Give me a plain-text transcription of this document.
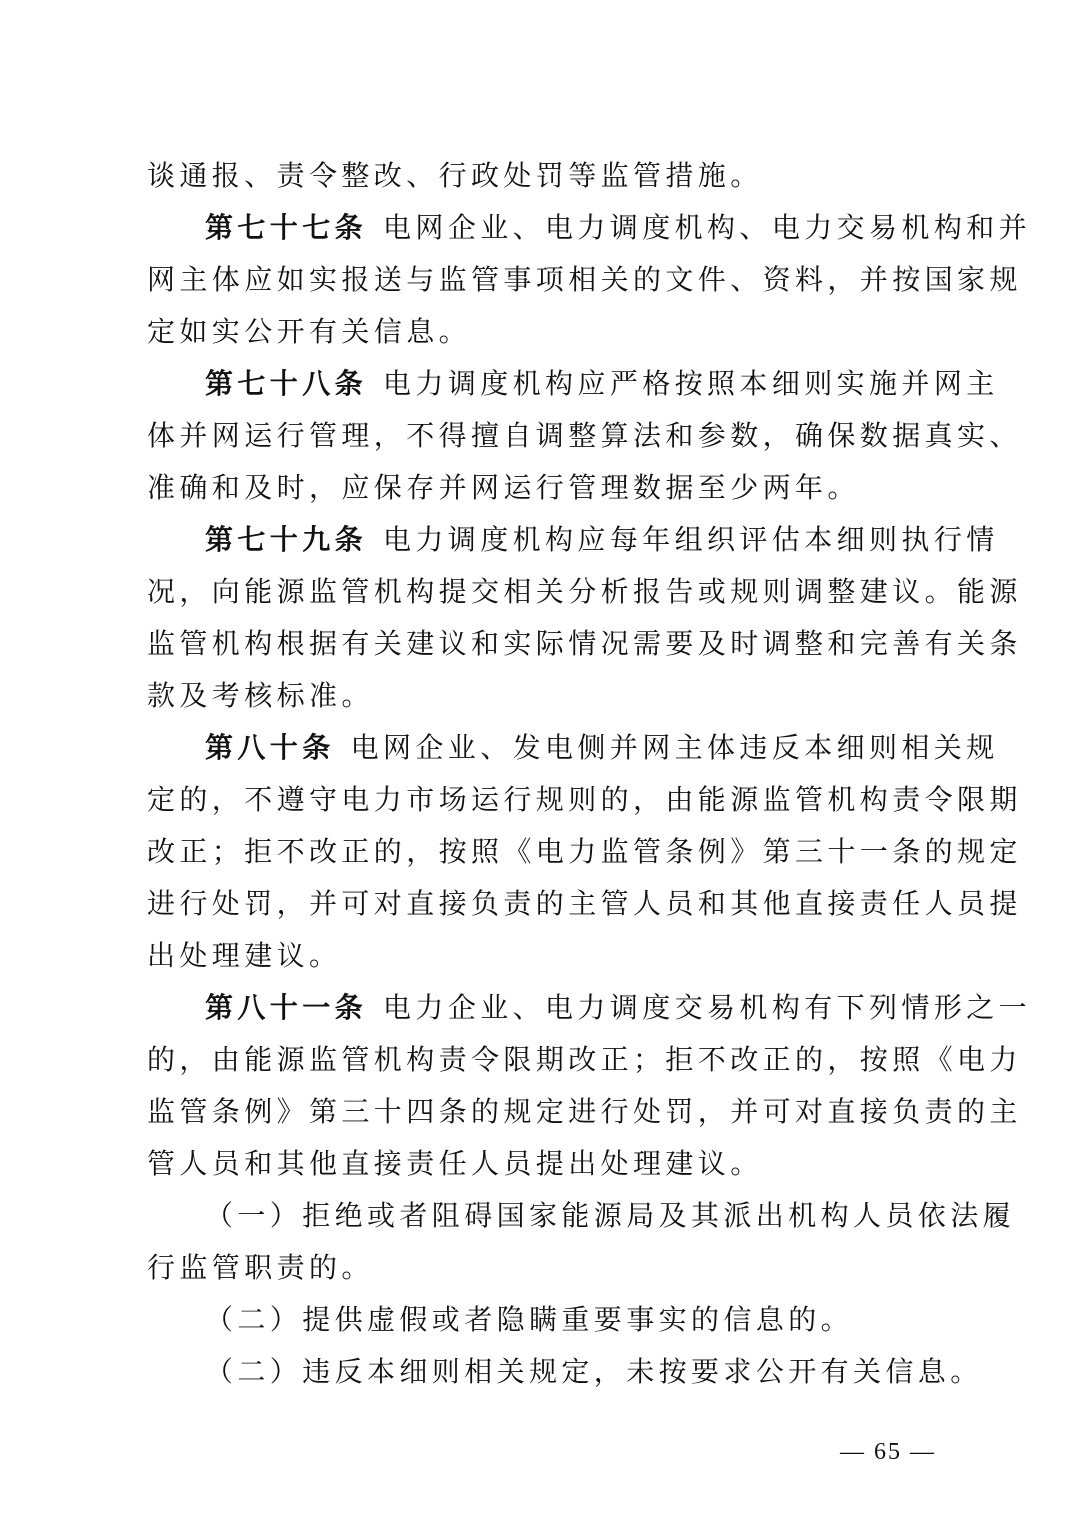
谈通报、责令整改、行政处罚等监管措施。
第七十七条 电网企业、电力调度机构、电力交易机构和并
网主体应如实报送与监管事项相关的文件、资料，并按国家规
定如实公开有关信息。
第七十八条 电力调度机构应严格按照本细则实施并网主
体并网运行管理，不得擅自调整算法和参数，确保数据真实、
准确和及时，应保存并网运行管理数据至少两年。
第七十九条 电力调度机构应每年组织评估本细则执行情
况，向能源监管机构提交相关分析报告或规则调整建议。能源
监管机构根据有关建议和实际情况需要及时调整和完善有关条
款及考核标准。
第八十条 电网企业、发电侧并网主体违反本细则相关规
定的，不遵守电力市场运行规则的，由能源监管机构责令限期
改正；拒不改正的，按照《电力监管条例》第三十一条的规定
进行处罚，并可对直接负责的主管人员和其他直接责任人员提
出处理建议。
第八十一条 电力企业、电力调度交易机构有下列情形之一
的，由能源监管机构责令限期改正；拒不改正的，按照《电力
监管条例》第三十四条的规定进行处罚，并可对直接负责的主
管人员和其他直接责任人员提出处理建议。
（一）拒绝或者阻碍国家能源局及其派出机构人员依法履
行监管职责的。
（二）提供虚假或者隐瞒重要事实的信息的。
（二）违反本细则相关规定，未按要求公开有关信息。
— 65 —
